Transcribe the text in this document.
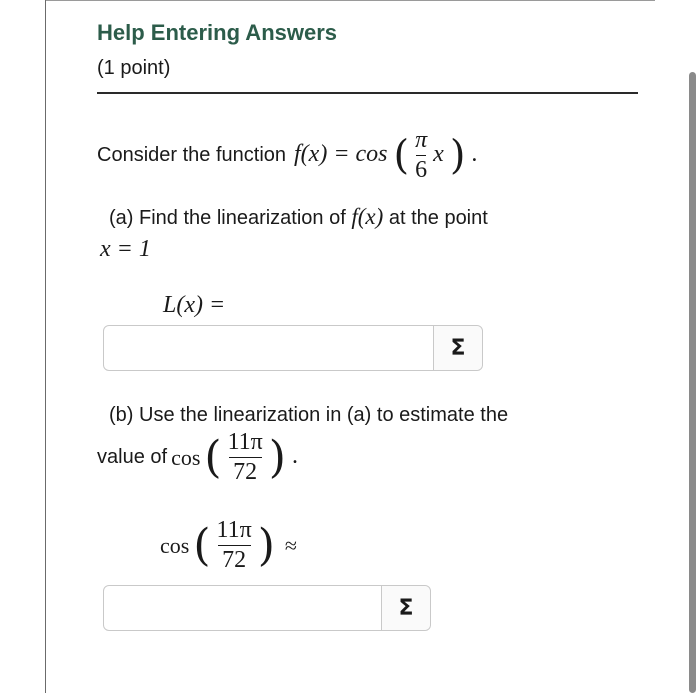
Help Entering Answers
(1 point)
Consider the function f(x) = cos ( $\frac{\pi}{6}$ x ) .
(a) Find the linearization of f(x) at the point
x = 1
L(x) =
Σ
(b) Use the linearization in (a) to estimate the
value of cos ( $\frac{11\pi}{72}$ ) .
cos ( $\frac{11\pi}{72}$ ) ≈
Σ
